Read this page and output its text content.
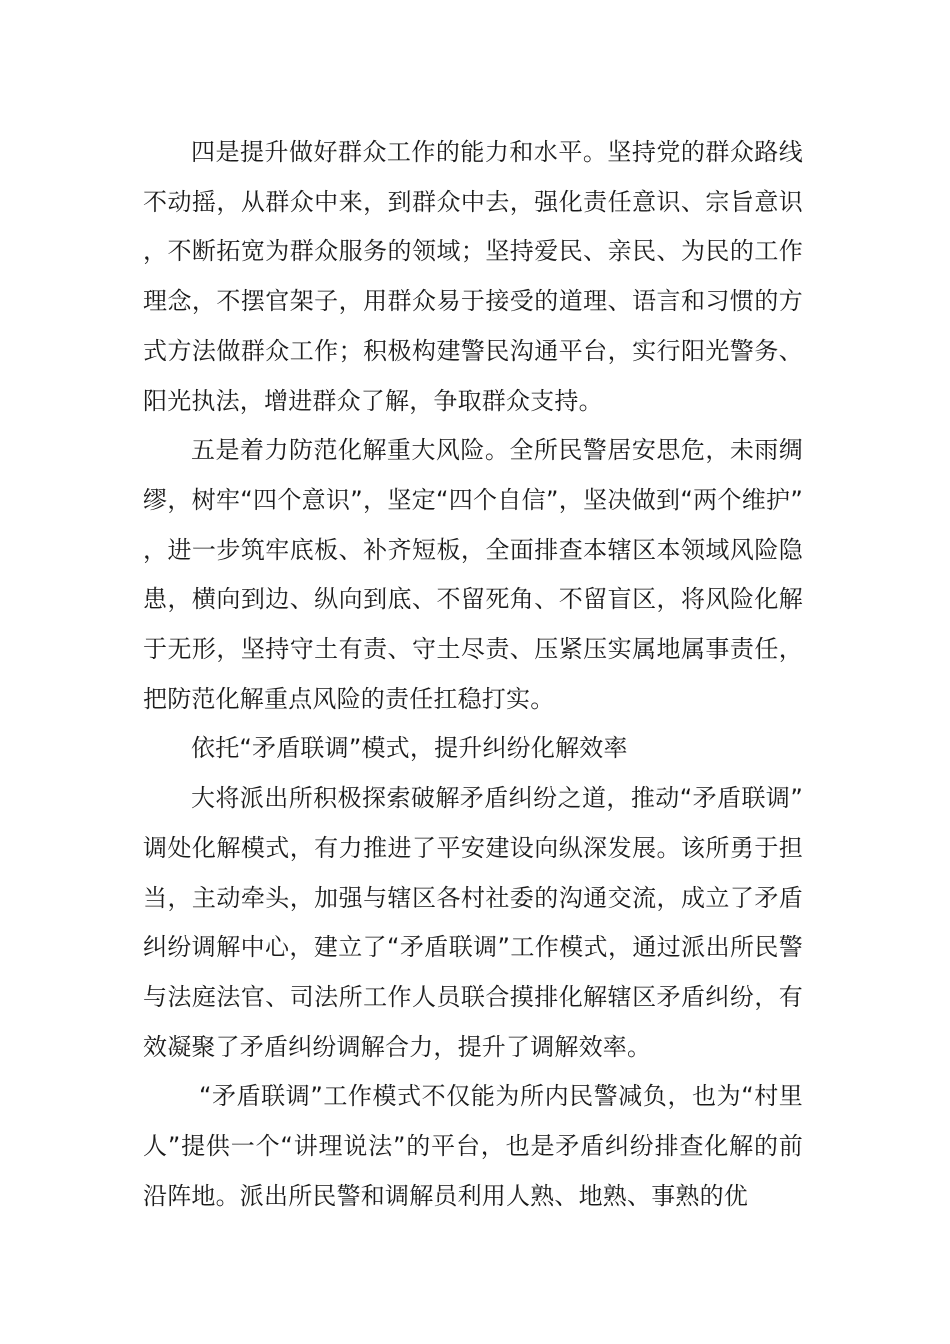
四是提升做好群众工作的能力和水平。坚持党的群众路线不动摇，从群众中来，到群众中去，强化责任意识、宗旨意识，不断拓宽为群众服务的领域；坚持爱民、亲民、为民的工作理念，不摆官架子，用群众易于接受的道理、语言和习惯的方式方法做群众工作；积极构建警民沟通平台，实行阳光警务、阳光执法，增进群众了解，争取群众支持。

五是着力防范化解重大风险。全所民警居安思危，未雨绸缪，树牢“四个意识”，坚定“四个自信”，坚决做到“两个维护”，进一步筑牢底板、补齐短板，全面排查本辖区本领域风险隐患，横向到边、纵向到底、不留死角、不留盲区，将风险化解于无形，坚持守土有责、守土尽责、压紧压实属地属事责任，把防范化解重点风险的责任扛稳打实。

依托“矛盾联调”模式，提升纠纷化解效率

大将派出所积极探索破解矛盾纠纷之道，推动“矛盾联调”调处化解模式，有力推进了平安建设向纵深发展。该所勇于担当，主动牵头，加强与辖区各村社委的沟通交流，成立了矛盾纠纷调解中心，建立了“矛盾联调”工作模式，通过派出所民警与法庭法官、司法所工作人员联合摸排化解辖区矛盾纠纷，有效凝聚了矛盾纠纷调解合力，提升了调解效率。

“矛盾联调”工作模式不仅能为所内民警减负，也为“村里人”提供一个“讲理说法”的平台，也是矛盾纠纷排查化解的前沿阵地。派出所民警和调解员利用人熟、地熟、事熟的优
